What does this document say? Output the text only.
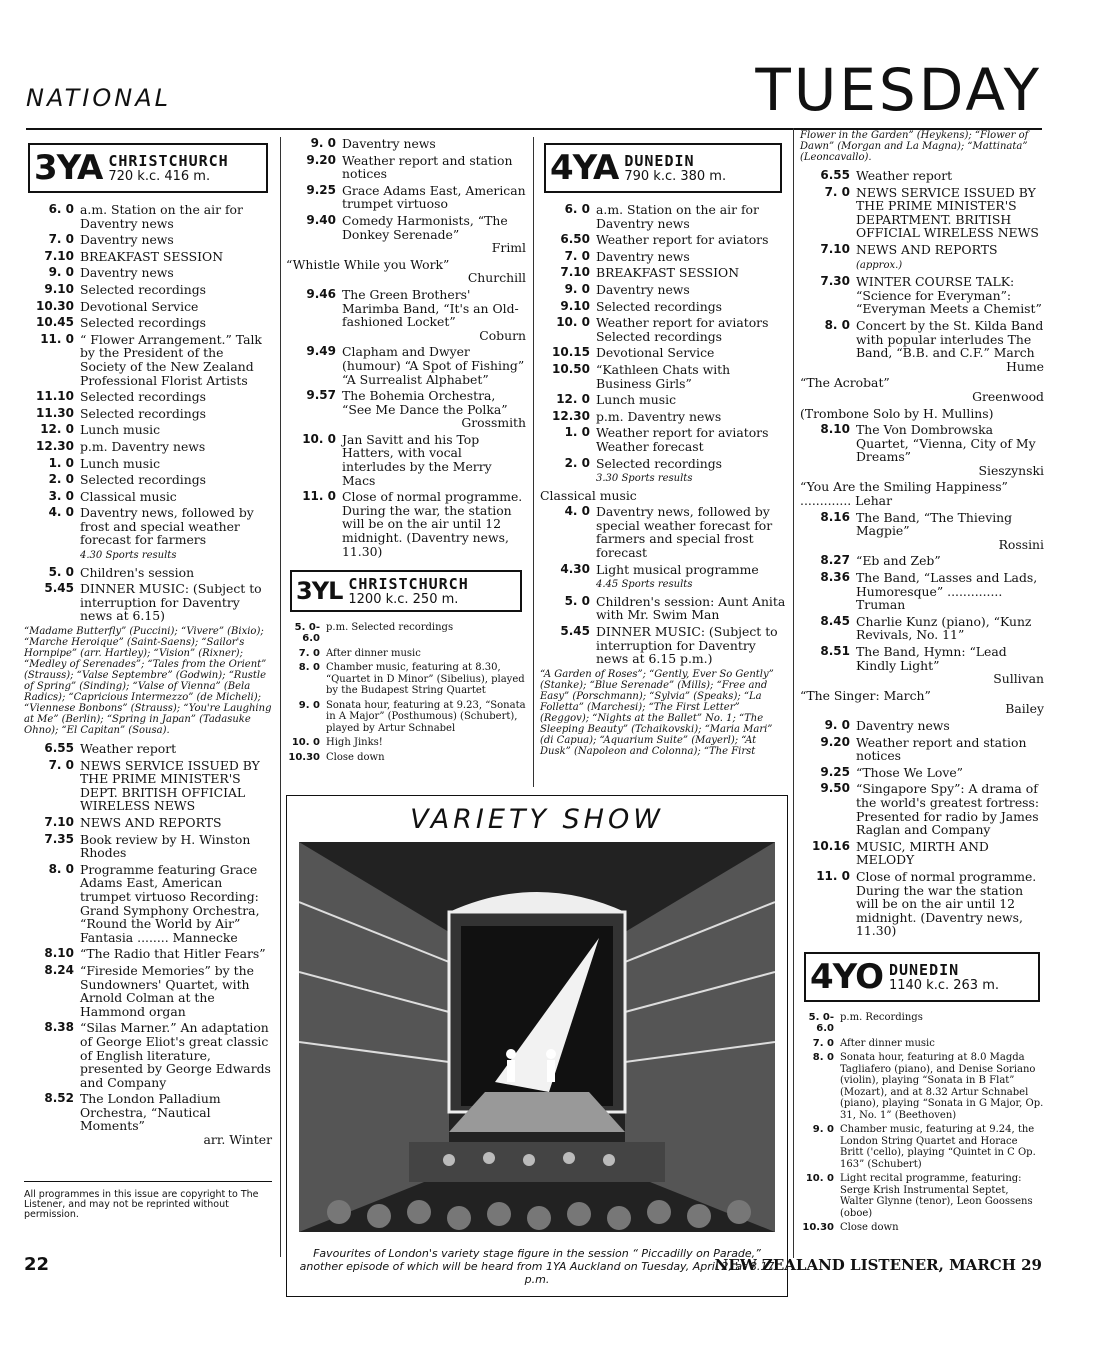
NATIONAL	TUESDAY
3YA CHRISTCHURCH
720 k.c. 416 m.
6. 0 a.m. Station on the air for Daventry news
7. 0 Daventry news
7.10 BREAKFAST SESSION
9. 0 Daventry news
9.10 Selected recordings
10.30 Devotional Service
10.45 Selected recordings
11. 0 “ Flower Arrangement.” Talk by the President of the Society of the New Zealand Professional Florist Artists
11.10 Selected recordings
11.30 Selected recordings
12. 0 Lunch music
12.30 p.m. Daventry news
1. 0 Lunch music
2. 0 Selected recordings
3. 0 Classical music
4. 0 Daventry news, followed by frost and special weather forecast for farmers
4.30 Sports results
5. 0 Children's session
5.45 DINNER MUSIC: (Subject to interruption for Daventry news at 6.15)
“Madame Butterfly” (Puccini); “Vivere” (Bixio); “Marche Heroique” (Saint-Saens); “Sailor's Hornpipe” (arr. Hartley); “Vision” (Rixner); “Medley of Serenades”; “Tales from the Orient” (Strauss); “Valse Septembre” (Godwin); “Rustle of Spring” (Sinding); “Valse of Vienna” (Bela Radics); “Capricious Intermezzo” (de Micheli); “Viennese Bonbons” (Strauss); “You're Laughing at Me” (Berlin); “Spring in Japan” (Tadasuke Ohno); “El Capitan” (Sousa).
6.55 Weather report
7. 0 NEWS SERVICE ISSUED BY THE PRIME MINISTER'S DEPT. BRITISH OFFICIAL WIRELESS NEWS
7.10 NEWS AND REPORTS
7.35 Book review by H. Winston Rhodes
8. 0 Programme featuring Grace Adams East, American trumpet virtuoso Recording: Grand Symphony Orchestra, “Round the World by Air” Fantasia ........ Mannecke
8.10 “The Radio that Hitler Fears”
8.24 “Fireside Memories” by the Sundowners' Quartet, with Arnold Colman at the Hammond organ
8.38 “Silas Marner.” An adaptation of George Eliot's great classic of English literature, presented by George Edwards and Company
8.52 The London Palladium Orchestra, “Nautical Moments”
arr. Winter
9. 0 Daventry news
9.20 Weather report and station notices
9.25 Grace Adams East, American trumpet virtuoso
9.40 Comedy Harmonists, “The Donkey Serenade”
Friml
“Whistle While you Work”
Churchill
9.46 The Green Brothers' Marimba Band, “It's an Old-fashioned Locket”
Coburn
9.49 Clapham and Dwyer (humour) “A Spot of Fishing” “A Surrealist Alphabet”
9.57 The Bohemia Orchestra, “See Me Dance the Polka”
Grossmith
10. 0 Jan Savitt and his Top Hatters, with vocal interludes by the Merry Macs
11. 0 Close of normal programme. During the war, the station will be on the air until 12 midnight. (Daventry news, 11.30)
3YL CHRISTCHURCH
1200 k.c. 250 m.
5. 0-6.0
p.m. Selected recordings
7. 0 After dinner music
8. 0 Chamber music, featuring at 8.30, “Quartet in D Minor” (Sibelius), played by the Budapest String Quartet
9. 0 Sonata hour, featuring at 9.23, “Sonata in A Major” (Posthumous) (Schubert), played by Artur Schnabel
10. 0 High Jinks!
10.30 Close down
4YA DUNEDIN
790 k.c. 380 m.
6. 0 a.m. Station on the air for Daventry news
6.50 Weather report for aviators
7. 0 Daventry news
7.10 BREAKFAST SESSION
9. 0 Daventry news
9.10 Selected recordings
10. 0 Weather report for aviators Selected recordings
10.15 Devotional Service
10.50 “Kathleen Chats with Business Girls”
12. 0 Lunch music
12.30 p.m. Daventry news
1. 0 Weather report for aviators Weather forecast
2. 0 Selected recordings
3.30 Sports results
Classical music
4. 0 Daventry news, followed by special weather forecast for farmers and special frost forecast
4.30 Light musical programme
4.45 Sports results
5. 0 Children's session: Aunt Anita with Mr. Swim Man
5.45 DINNER MUSIC: (Subject to interruption for Daventry news at 6.15 p.m.)
“A Garden of Roses”; “Gently, Ever So Gently” (Stanke); “Blue Serenade” (Mills); “Free and Easy” (Porschmann); “Sylvia” (Speaks); “La Folletta” (Marchesi); “The First Letter” (Reggov); “Nights at the Ballet” No. 1; “The Sleeping Beauty” (Tchaikovski); “Maria Mari” (di Capua); “Aquarium Suite” (Mayerl); “At Dusk” (Napoleon and Colonna); “The First
Flower in the Garden” (Heykens); “Flower of Dawn” (Morgan and La Magna); “Mattinata” (Leoncavallo).
6.55 Weather report
7. 0 NEWS SERVICE ISSUED BY THE PRIME MINISTER'S DEPARTMENT. BRITISH OFFICIAL WIRELESS NEWS
7.10 NEWS AND REPORTS
(approx.)
7.30 WINTER COURSE TALK: “Science for Everyman”: “Everyman Meets a Chemist”
8. 0 Concert by the St. Kilda Band with popular interludes The Band, “B.B. and C.F.” March
Hume
“The Acrobat”
Greenwood
(Trombone Solo by H. Mullins)
8.10 The Von Dombrowska Quartet, “Vienna, City of My Dreams”
Sieszynski
“You Are the Smiling Happiness” ............. Lehar
8.16 The Band, “The Thieving Magpie”
Rossini
8.27 “Eb and Zeb”
8.36 The Band, “Lasses and Lads, Humoresque” .............. Truman
8.45 Charlie Kunz (piano), “Kunz Revivals, No. 11”
8.51 The Band, Hymn: “Lead Kindly Light”
Sullivan
“The Singer: March”
Bailey
9. 0 Daventry news
9.20 Weather report and station notices
9.25 “Those We Love”
9.50 “Singapore Spy”: A drama of the world's greatest fortress: Presented for radio by James Raglan and Company
10.16 MUSIC, MIRTH AND MELODY
11. 0 Close of normal programme. During the war the station will be on the air until 12 midnight. (Daventry news, 11.30)
4YO DUNEDIN
1140 k.c. 263 m.
5. 0-6.0
p.m. Recordings
7. 0 After dinner music
8. 0 Sonata hour, featuring at 8.0 Magda Tagliafero (piano), and Denise Soriano (violin), playing “Sonata in B Flat” (Mozart), and at 8.32 Artur Schnabel (piano), playing “Sonata in G Major, Op. 31, No. 1” (Beethoven)
9. 0 Chamber music, featuring at 9.24, the London String Quartet and Horace Britt ('cello), playing “Quintet in C Op. 163” (Schubert)
10. 0 Light recital programme, featuring: Serge Krish Instrumental Septet, Walter Glynne (tenor), Leon Goossens (oboe)
10.30 Close down
VARIETY SHOW
Favourites of London's variety stage figure in the session “ Piccadilly on Parade,” another episode of which will be heard from 1YA Auckland on Tuesday, April 2, at 8.17 p.m.
All programmes in this issue are copyright to The Listener, and may not be reprinted without permission.
22	NEW ZEALAND LISTENER, MARCH 29
